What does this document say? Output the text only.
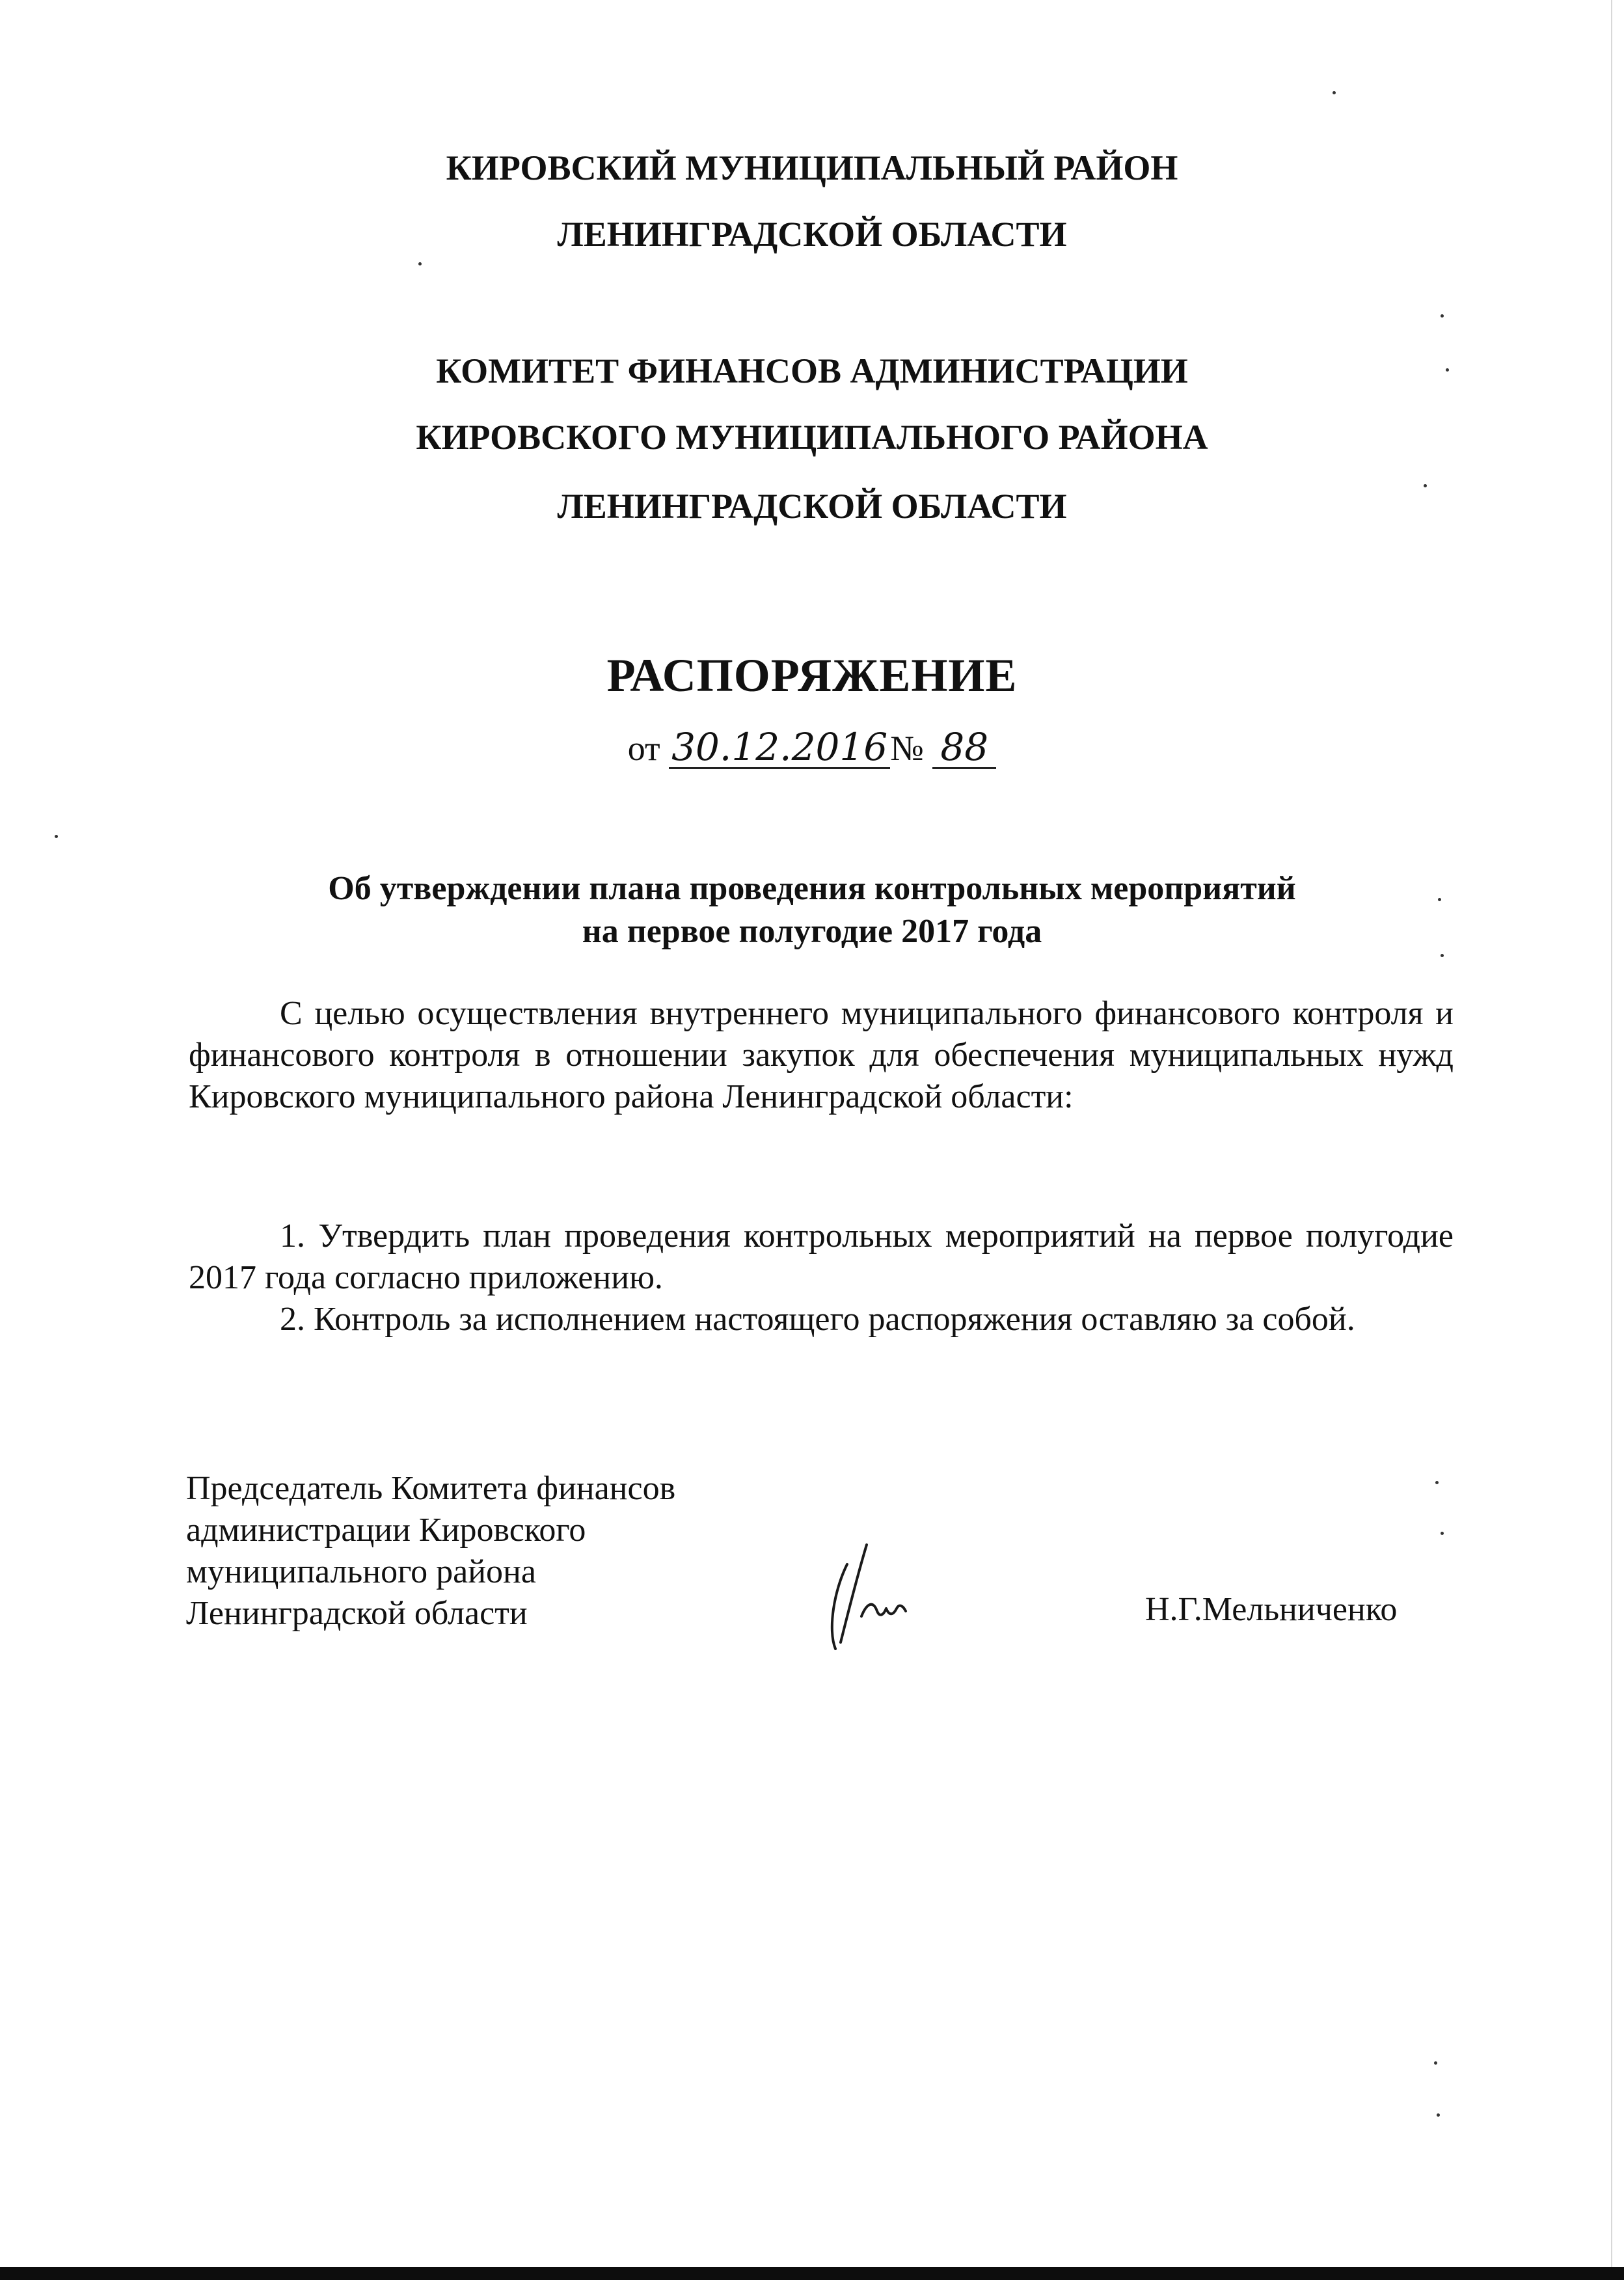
КИРОВСКИЙ МУНИЦИПАЛЬНЫЙ РАЙОН
ЛЕНИНГРАДСКОЙ ОБЛАСТИ
КОМИТЕТ ФИНАНСОВ АДМИНИСТРАЦИИ
КИРОВСКОГО МУНИЦИПАЛЬНОГО РАЙОНА
ЛЕНИНГРАДСКОЙ ОБЛАСТИ
РАСПОРЯЖЕНИЕ
от 30.12.2016№ 88
Об утверждении плана проведения контрольных мероприятий
на первое полугодие 2017 года

С целью осуществления внутреннего муниципального финансового контроля и финансового контроля в отношении закупок для обеспечения муниципальных нужд Кировского муниципального района Ленинградской области:

1. Утвердить план проведения контрольных мероприятий на первое полугодие 2017 года согласно приложению.

2. Контроль за исполнением настоящего распоряжения оставляю за собой.

Председатель Комитета финансов
администрации Кировского
муниципального района
Ленинградской области	Н.Г.Мельниченко
